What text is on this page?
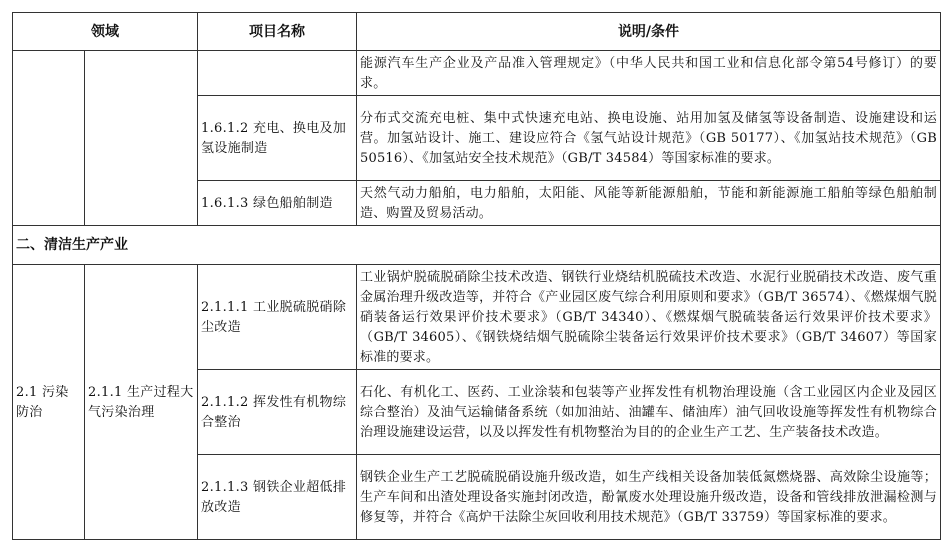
领域		项目名称	说明/条件
			能源汽车生产企业及产品准入管理规定》（中华人民共和国工业和信息化部令第54号修订）的要求。
		1.6.1.2 充电、换电及加氢设施制造	分布式交流充电桩、集中式快速充电站、换电设施、站用加氢及储氢等设备制造、设施建设和运营。加氢站设计、施工、建设应符合《氢气站设计规范》（GB 50177）、《加氢站技术规范》（GB 50516）、《加氢站安全技术规范》（GB/T 34584）等国家标准的要求。
		1.6.1.3 绿色船舶制造	天然气动力船舶，电力船舶，太阳能、风能等新能源船舶，节能和新能源施工船舶等绿色船舶制造、购置及贸易活动。
二、清洁生产产业			
2.1 污染防治	2.1.1 生产过程大气污染治理	2.1.1.1 工业脱硫脱硝除尘改造	工业锅炉脱硫脱硝除尘技术改造、钢铁行业烧结机脱硫技术改造、水泥行业脱硝技术改造、废气重金属治理升级改造等，并符合《产业园区废气综合利用原则和要求》（GB/T 36574）、《燃煤烟气脱硝装备运行效果评价技术要求》（GB/T 34340）、《燃煤烟气脱硫装备运行效果评价技术要求》（GB/T 34605）、《钢铁烧结烟气脱硫除尘装备运行效果评价技术要求》（GB/T 34607）等国家标准的要求。
		2.1.1.2 挥发性有机物综合整治	石化、有机化工、医药、工业涂装和包装等产业挥发性有机物治理设施（含工业园区内企业及园区综合整治）及油气运输储备系统（如加油站、油罐车、储油库）油气回收设施等挥发性有机物综合治理设施建设运营，以及以挥发性有机物整治为目的的企业生产工艺、生产装备技术改造。
		2.1.1.3 钢铁企业超低排放改造	钢铁企业生产工艺脱硫脱硝设施升级改造，如生产线相关设备加装低氮燃烧器、高效除尘设施等；生产车间和出渣处理设备实施封闭改造，酚氰废水处理设施升级改造，设备和管线排放泄漏检测与修复等，并符合《高炉干法除尘灰回收利用技术规范》（GB/T 33759）等国家标准的要求。
